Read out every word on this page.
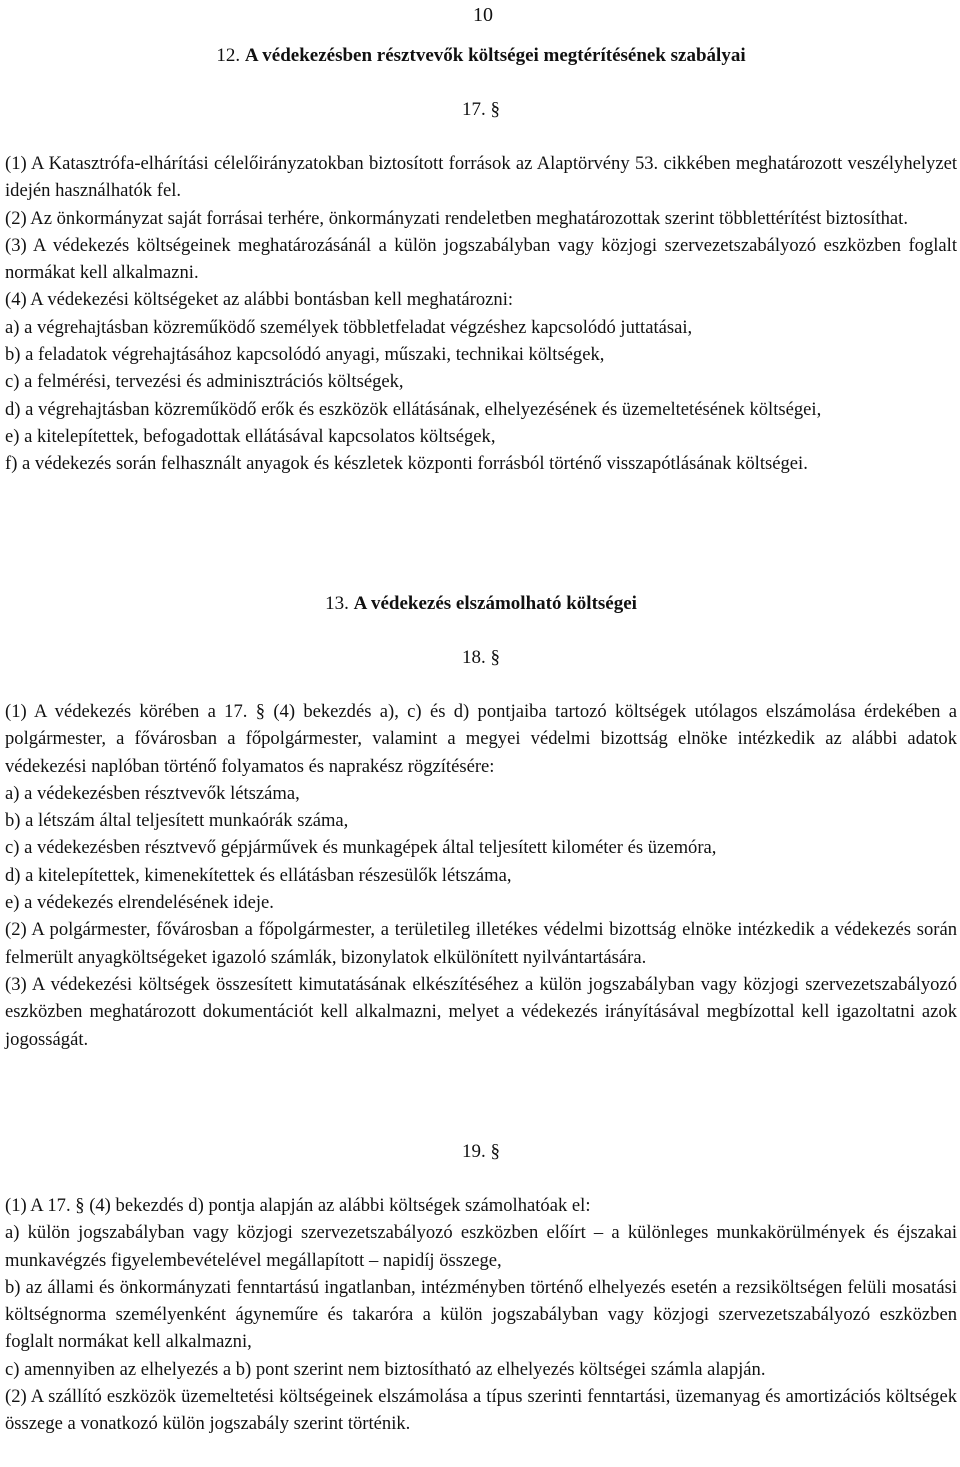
10
12. A védekezésben résztvevők költségei megtérítésének szabályai
17. §

(1) A Katasztrófa-elhárítási célelőirányzatokban biztosított források az Alaptörvény 53. cikkében meghatározott veszélyhelyzet idején használhatók fel.

(2) Az önkormányzat saját forrásai terhére, önkormányzati rendeletben meghatározottak szerint többlettérítést biztosíthat.

(3) A védekezés költségeinek meghatározásánál a külön jogszabályban vagy közjogi szervezetszabályozó eszközben foglalt normákat kell alkalmazni.

(4) A védekezési költségeket az alábbi bontásban kell meghatározni:

a) a végrehajtásban közreműködő személyek többletfeladat végzéshez kapcsolódó juttatásai,

b) a feladatok végrehajtásához kapcsolódó anyagi, műszaki, technikai költségek,

c) a felmérési, tervezési és adminisztrációs költségek,

d) a végrehajtásban közreműködő erők és eszközök ellátásának, elhelyezésének és üzemeltetésének költségei,

e) a kitelepítettek, befogadottak ellátásával kapcsolatos költségek,

f) a védekezés során felhasznált anyagok és készletek központi forrásból történő visszapótlásának költségei.

13. A védekezés elszámolható költségei
18. §

(1) A védekezés körében a 17. § (4) bekezdés a), c) és d) pontjaiba tartozó költségek utólagos elszámolása érdekében a polgármester, a fővárosban a főpolgármester, valamint a megyei védelmi bizottság elnöke intézkedik az alábbi adatok védekezési naplóban történő folyamatos és naprakész rögzítésére:

a) a védekezésben résztvevők létszáma,

b) a létszám által teljesített munkaórák száma,

c) a védekezésben résztvevő gépjárművek és munkagépek által teljesített kilométer és üzemóra,

d) a kitelepítettek, kimenekítettek és ellátásban részesülők létszáma,

e) a védekezés elrendelésének ideje.

(2) A polgármester, fővárosban a főpolgármester, a területileg illetékes védelmi bizottság elnöke intézkedik a védekezés során felmerült anyagköltségeket igazoló számlák, bizonylatok elkülönített nyilvántartására.

(3) A védekezési költségek összesített kimutatásának elkészítéséhez a külön jogszabályban vagy közjogi szervezetszabályozó eszközben meghatározott dokumentációt kell alkalmazni, melyet a védekezés irányításával megbízottal kell igazoltatni azok jogosságát.

19. §

(1) A 17. § (4) bekezdés d) pontja alapján az alábbi költségek számolhatóak el:

a) külön jogszabályban vagy közjogi szervezetszabályozó eszközben előírt – a különleges munkakörülmények és éjszakai munkavégzés figyelembevételével megállapított – napidíj összege,

b) az állami és önkormányzati fenntartású ingatlanban, intézményben történő elhelyezés esetén a rezsiköltségen felüli mosatási költségnorma személyenként ágyneműre és takaróra a külön jogszabályban vagy közjogi szervezetszabályozó eszközben foglalt normákat kell alkalmazni,

c) amennyiben az elhelyezés a b) pont szerint nem biztosítható az elhelyezés költségei számla alapján.

(2) A szállító eszközök üzemeltetési költségeinek elszámolása a típus szerinti fenntartási, üzemanyag és amortizációs költségek összege a vonatkozó külön jogszabály szerint történik.
